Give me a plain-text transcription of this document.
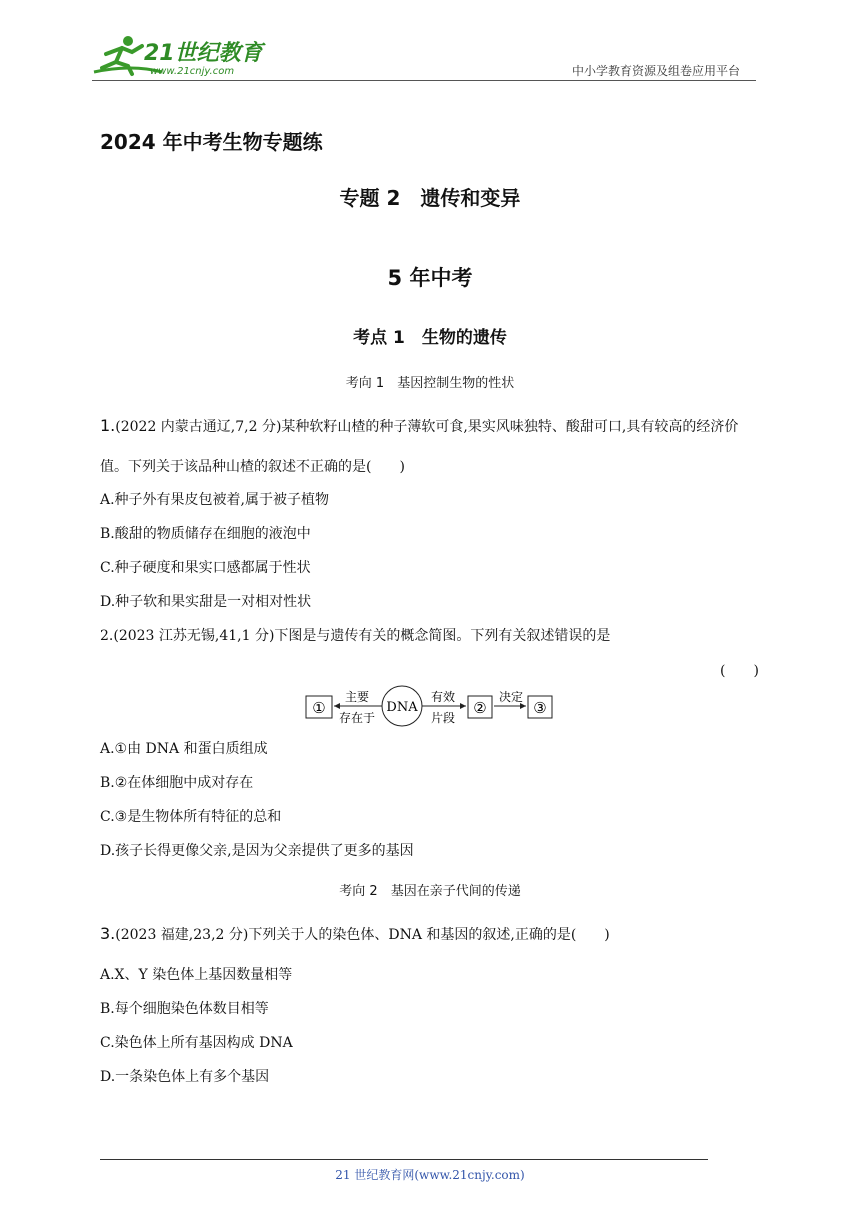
21世纪教育
www.21cnjy.com	中小学教育资源及组卷应用平台
2024 年中考生物专题练
专题 2　遗传和变异
5 年中考
考点 1　生物的遗传
考向 1　基因控制生物的性状
1.(2022 内蒙古通辽,7,2 分)某种软籽山楂的种子薄软可食,果实风味独特、酸甜可口,具有较高的经济价
值。下列关于该品种山楂的叙述不正确的是(　　)
A.种子外有果皮包被着,属于被子植物
B.酸甜的物质储存在细胞的液泡中
C.种子硬度和果实口感都属于性状
D.种子软和果实甜是一对相对性状
2.(2023 江苏无锡,41,1 分)下图是与遗传有关的概念简图。下列有关叙述错误的是
(　　)
①
主要
存在于
DNA
有效
片段
②
决定
③
A.①由 DNA 和蛋白质组成
B.②在体细胞中成对存在
C.③是生物体所有特征的总和
D.孩子长得更像父亲,是因为父亲提供了更多的基因
考向 2　基因在亲子代间的传递
3.(2023 福建,23,2 分)下列关于人的染色体、DNA 和基因的叙述,正确的是(　　)
A.X、Y 染色体上基因数量相等
B.每个细胞染色体数目相等
C.染色体上所有基因构成 DNA
D.一条染色体上有多个基因
21 世纪教育网(www.21cnjy.com)
